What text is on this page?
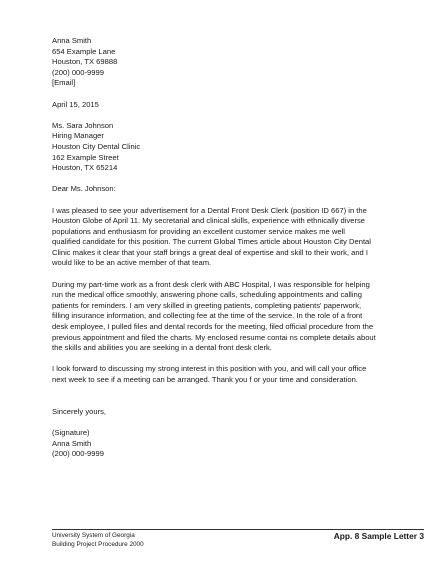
Anna Smith
654 Example Lane
Houston, TX 69888
(200) 000-9999
[Email]
April 15, 2015
Ms. Sara Johnson
Hiring Manager
Houston City Dental Clinic
162 Example Street
Houston, TX 65214
Dear Ms. Johnson:
I was pleased to see your advertisement for a Dental Front Desk Clerk (position ID 667) in the
Houston Globe of April 11. My secretarial and clinical skills, experience with ethnically diverse
populations and enthusiasm for providing an excellent customer service makes me well
qualified candidate for this position. The current Global Times article about Houston City Dental
Clinic makes it clear that your staff brings a great deal of expertise and skill to their work, and I
would like to be an active member of that team.
During my part-time work as a front desk clerk with ABC Hospital, I was responsible for helping
run the medical office smoothly, answering phone calls, scheduling appointments and calling
patients for reminders. I am very skilled in greeting patients, completing patients' paperwork,
filling insurance information, and collecting fee at the time of the service. In the role of a front
desk employee, I pulled files and dental records for the meeting, filed official procedure from the
previous appointment and filed the charts. My enclosed resume contai ns complete details about
the skills and abilities you are seeking in a dental front desk clerk.
I look forward to discussing my strong interest in this position with you, and will call your office
next week to see if a meeting can be arranged. Thank you f or your time and consideration.
Sincerely yours,
(Signature)
Anna Smith
(200) 000-9999
University System of Georgia
Building Project Procedure 2000
App. 8 Sample Letter 3
